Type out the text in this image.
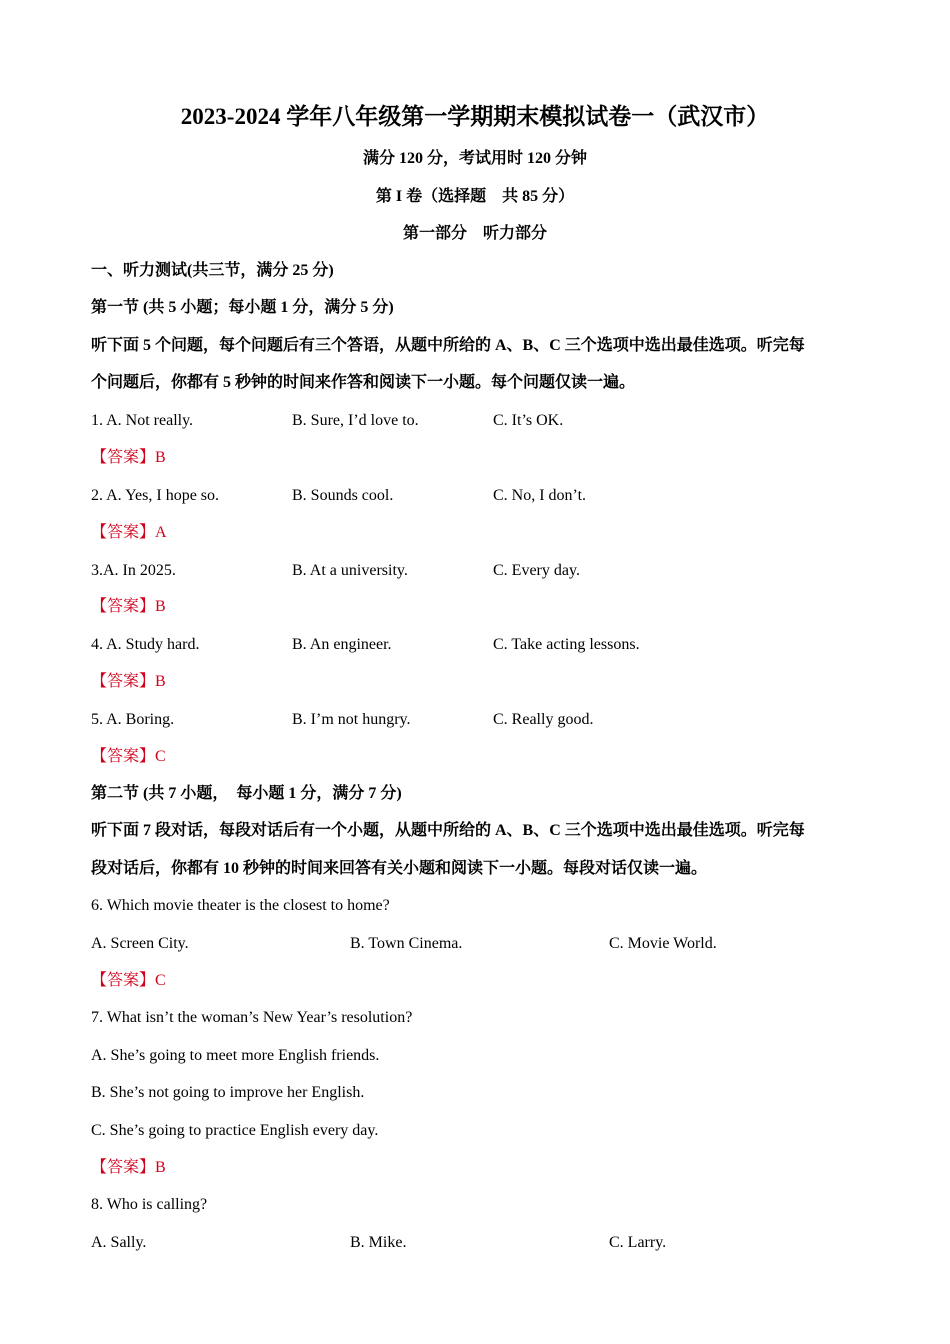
2023-2024 学年八年级第一学期期末模拟试卷一（武汉市）
满分 120 分，考试用时 120 分钟
第 I 卷（选择题　共 85 分）
第一部分　听力部分
一、听力测试(共三节，满分 25 分)
第一节 (共 5 小题；每小题 1 分，满分 5 分)
听下面 5 个问题，每个问题后有三个答语，从题中所给的 A、B、C 三个选项中选出最佳选项。听完每
个问题后，你都有 5 秒钟的时间来作答和阅读下一小题。每个问题仅读一遍。
1. A. Not really.	B. Sure, I’d love to.	C. It’s OK.
【答案】B
2. A. Yes, I hope so.	B. Sounds cool.	C. No, I don’t.
【答案】A
3.A. In 2025.	B. At a university.	C. Every day.
【答案】B
4. A. Study hard.	B. An engineer.	C. Take acting lessons.
【答案】B
5. A. Boring.	B. I’m not hungry.	C. Really good.
【答案】C
第二节 (共 7 小题，　每小题 1 分，满分 7 分)
听下面 7 段对话，每段对话后有一个小题，从题中所给的 A、B、C 三个选项中选出最佳选项。听完每
段对话后，你都有 10 秒钟的时间来回答有关小题和阅读下一小题。每段对话仅读一遍。
6. Which movie theater is the closest to home?
A. Screen City.	B. Town Cinema.	C. Movie World.
【答案】C
7. What isn’t the woman’s New Year’s resolution?
A. She’s going to meet more English friends.
B. She’s not going to improve her English.
C. She’s going to practice English every day.
【答案】B
8. Who is calling?
A. Sally.	B. Mike.	C. Larry.
